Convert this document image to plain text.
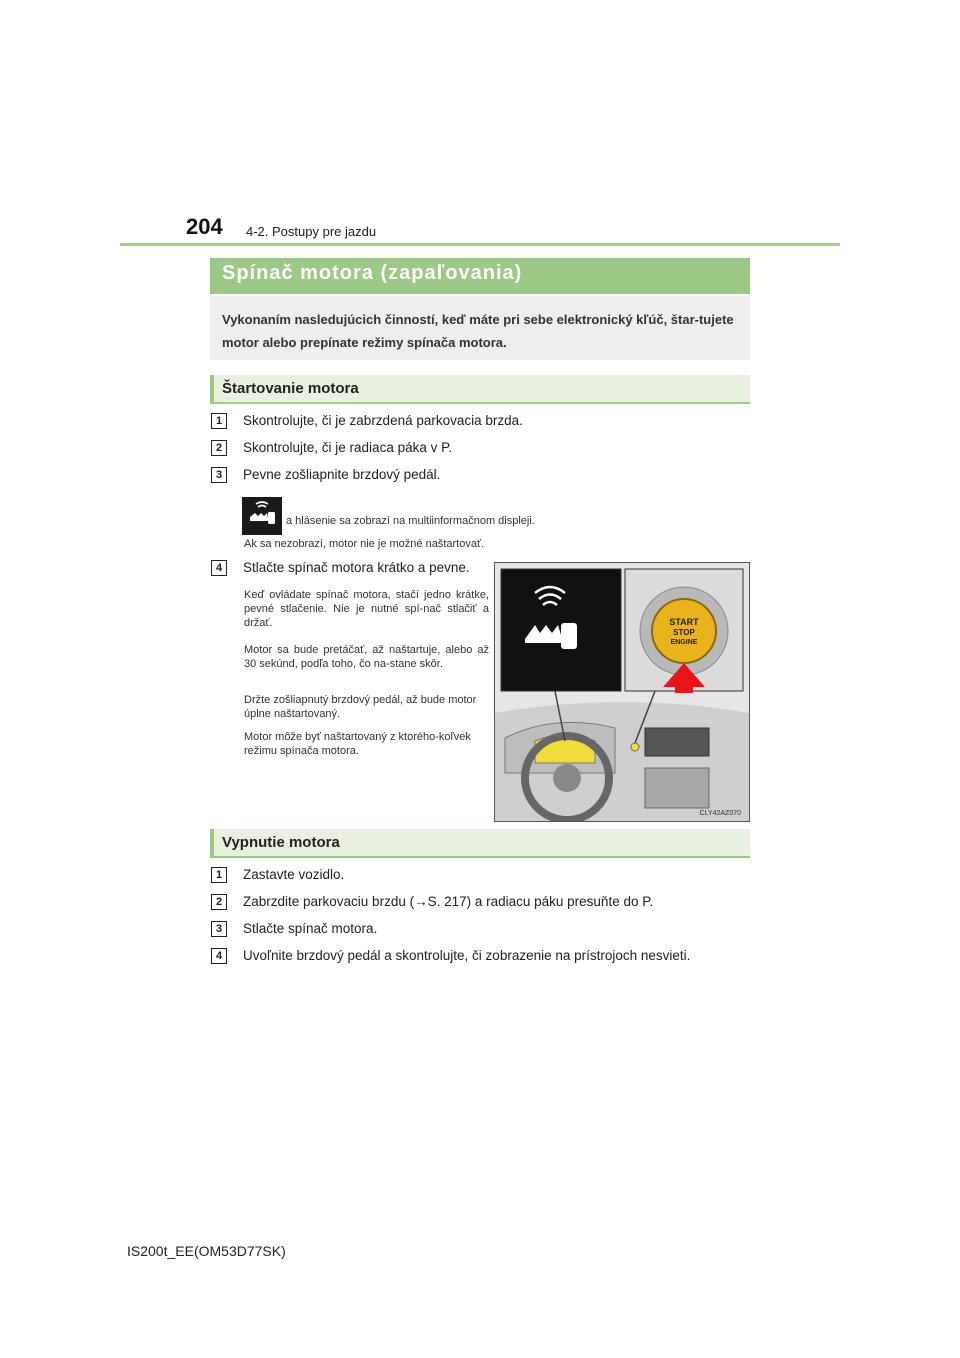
204 4-2. Postupy pre jazdu
Spínač motora (zapaľovania)

Vykonaním nasledujúcich činností, keď máte pri sebe elektronický kľúč, štar-tujete motor alebo prepínate režimy spínača motora.

Štartovanie motora
1	Skontrolujte, či je zabrzdená parkovacia brzda.
2	Skontrolujte, či je radiaca páka v P.
3	Pevne zošliapnite brzdový pedál.
a hlásenie sa zobrazí na multiinformačnom displeji.
Ak sa nezobrazí, motor nie je možné naštartovať.
4	Stlačte spínač motora krátko a pevne.

Keď ovládate spínač motora, stačí jedno krátke, pevné stlačenie. Nie je nutné spí-nač stlačiť a držať.

Motor sa bude pretáčať, až naštartuje, alebo až 30 sekúnd, podľa toho, čo na-stane skôr.

Držte zošliapnutý brzdový pedál, až bude motor úplne naštartovaný.

Motor môže byť naštartovaný z ktorého-koľvek režimu spínača motora.

START
STOP
ENGINE
CLY42AZ070
Vypnutie motora
1	Zastavte vozidlo.
2	Zabrzdite parkovaciu brzdu (→S. 217) a radiacu páku presuňte do P.
3	Stlačte spínač motora.
4	Uvoľnite brzdový pedál a skontrolujte, či zobrazenie na prístrojoch nesvieti.
IS200t_EE(OM53D77SK)
